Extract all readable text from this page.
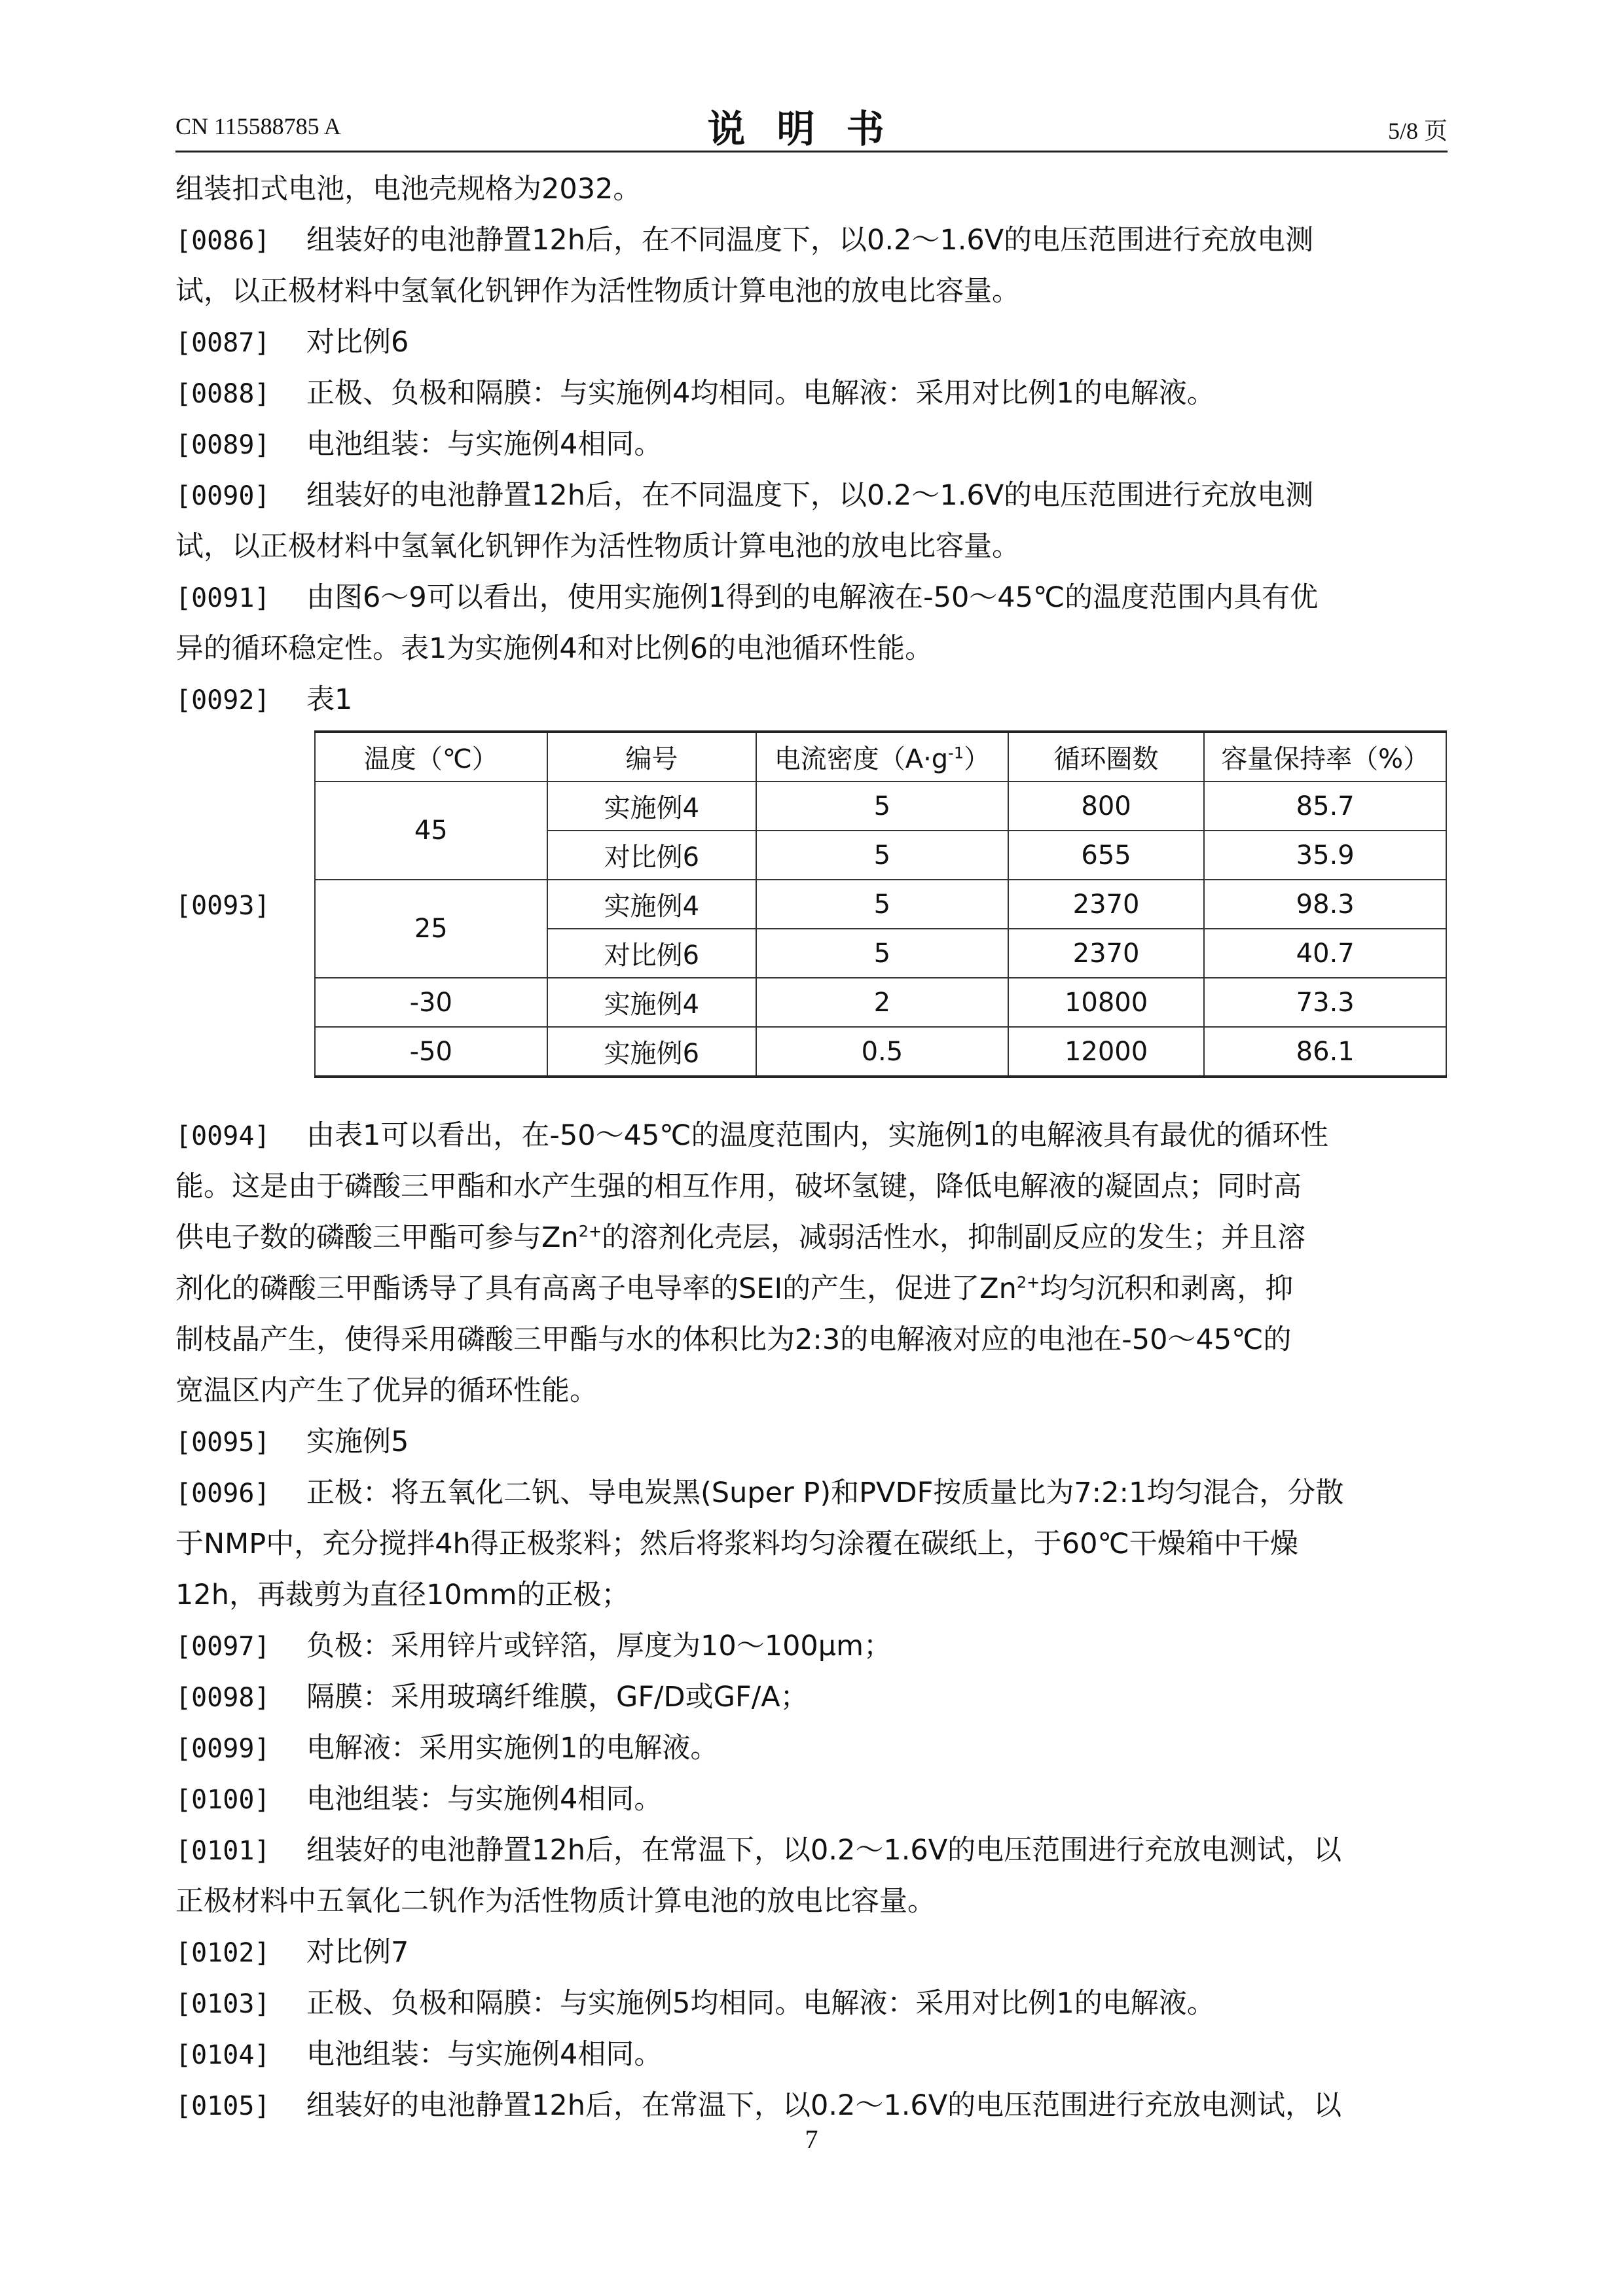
CN 115588785 A	说明书	5/8 页
组装扣式电池，电池壳规格为2032。
[0086] 组装好的电池静置12h后，在不同温度下，以0.2～1.6V的电压范围进行充放电测
试，以正极材料中氢氧化钒钾作为活性物质计算电池的放电比容量。
[0087] 对比例6
[0088] 正极、负极和隔膜：与实施例4均相同。电解液：采用对比例1的电解液。
[0089] 电池组装：与实施例4相同。
[0090] 组装好的电池静置12h后，在不同温度下，以0.2～1.6V的电压范围进行充放电测
试，以正极材料中氢氧化钒钾作为活性物质计算电池的放电比容量。
[0091] 由图6～9可以看出，使用实施例1得到的电解液在-50～45℃的温度范围内具有优
异的循环稳定性。表1为实施例4和对比例6的电池循环性能。
[0092] 表1
[0093]
温度（℃）	编号	电流密度$(A\cdot g^{-1})$	循环圈数	容量保持率（%）
45	实施例4	5	800	85.7
	对比例6	5	655	35.9
25	实施例4	5	2370	98.3
	对比例6	5	2370	40.7
-30	实施例4	2	10800	73.3
-50	实施例6	0.5	12000	86.1
[0094] 由表1可以看出，在-50～45℃的温度范围内，实施例1的电解液具有最优的循环性
能。这是由于磷酸三甲酯和水产生强的相互作用，破坏氢键，降低电解液的凝固点；同时高
供电子数的磷酸三甲酯可参与$Zn^{2+}$的溶剂化壳层，减弱活性水，抑制副反应的发生；并且溶
剂化的磷酸三甲酯诱导了具有高离子电导率的SEI的产生，促进了$Zn^{2+}$均匀沉积和剥离，抑
制枝晶产生，使得采用磷酸三甲酯与水的体积比为2:3的电解液对应的电池在-50～45℃的
宽温区内产生了优异的循环性能。
[0095] 实施例5
[0096] 正极：将五氧化二钒、导电炭黑(Super P)和PVDF按质量比为7:2:1均匀混合，分散
于NMP中，充分搅拌4h得正极浆料；然后将浆料均匀涂覆在碳纸上，于60℃干燥箱中干燥
12h，再裁剪为直径10mm的正极；
[0097] 负极：采用锌片或锌箔，厚度为10～100μm；
[0098] 隔膜：采用玻璃纤维膜，GF/D或GF/A；
[0099] 电解液：采用实施例1的电解液。
[0100] 电池组装：与实施例4相同。
[0101] 组装好的电池静置12h后，在常温下，以0.2～1.6V的电压范围进行充放电测试，以
正极材料中五氧化二钒作为活性物质计算电池的放电比容量。
[0102] 对比例7
[0103] 正极、负极和隔膜：与实施例5均相同。电解液：采用对比例1的电解液。
[0104] 电池组装：与实施例4相同。
[0105] 组装好的电池静置12h后，在常温下，以0.2～1.6V的电压范围进行充放电测试，以
7
